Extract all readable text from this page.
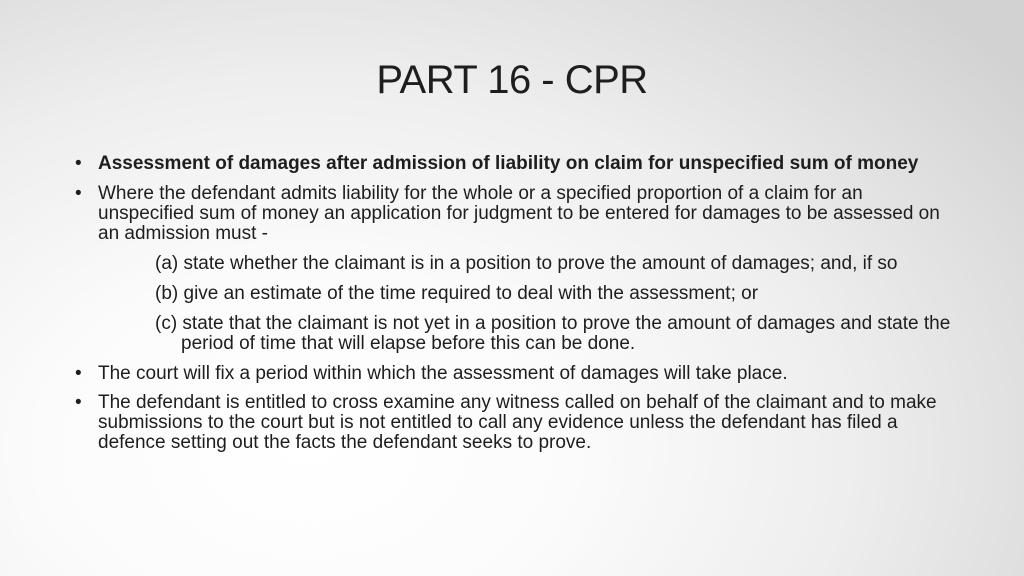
PART 16 - CPR
• Assessment of damages after admission of liability on claim for unspecified sum of money
• Where the defendant admits liability for the whole or a specified proportion of a claim for an unspecified sum of money an application for judgment to be entered for damages to be assessed on an admission must -
(a) state whether the claimant is in a position to prove the amount of damages; and, if so
(b) give an estimate of the time required to deal with the assessment; or
(c) state that the claimant is not yet in a position to prove the amount of damages and state the period of time that will elapse before this can be done.
• The court will fix a period within which the assessment of damages will take place.
• The defendant is entitled to cross examine any witness called on behalf of the claimant and to make submissions to the court but is not entitled to call any evidence unless the defendant has filed a defence setting out the facts the defendant seeks to prove.
